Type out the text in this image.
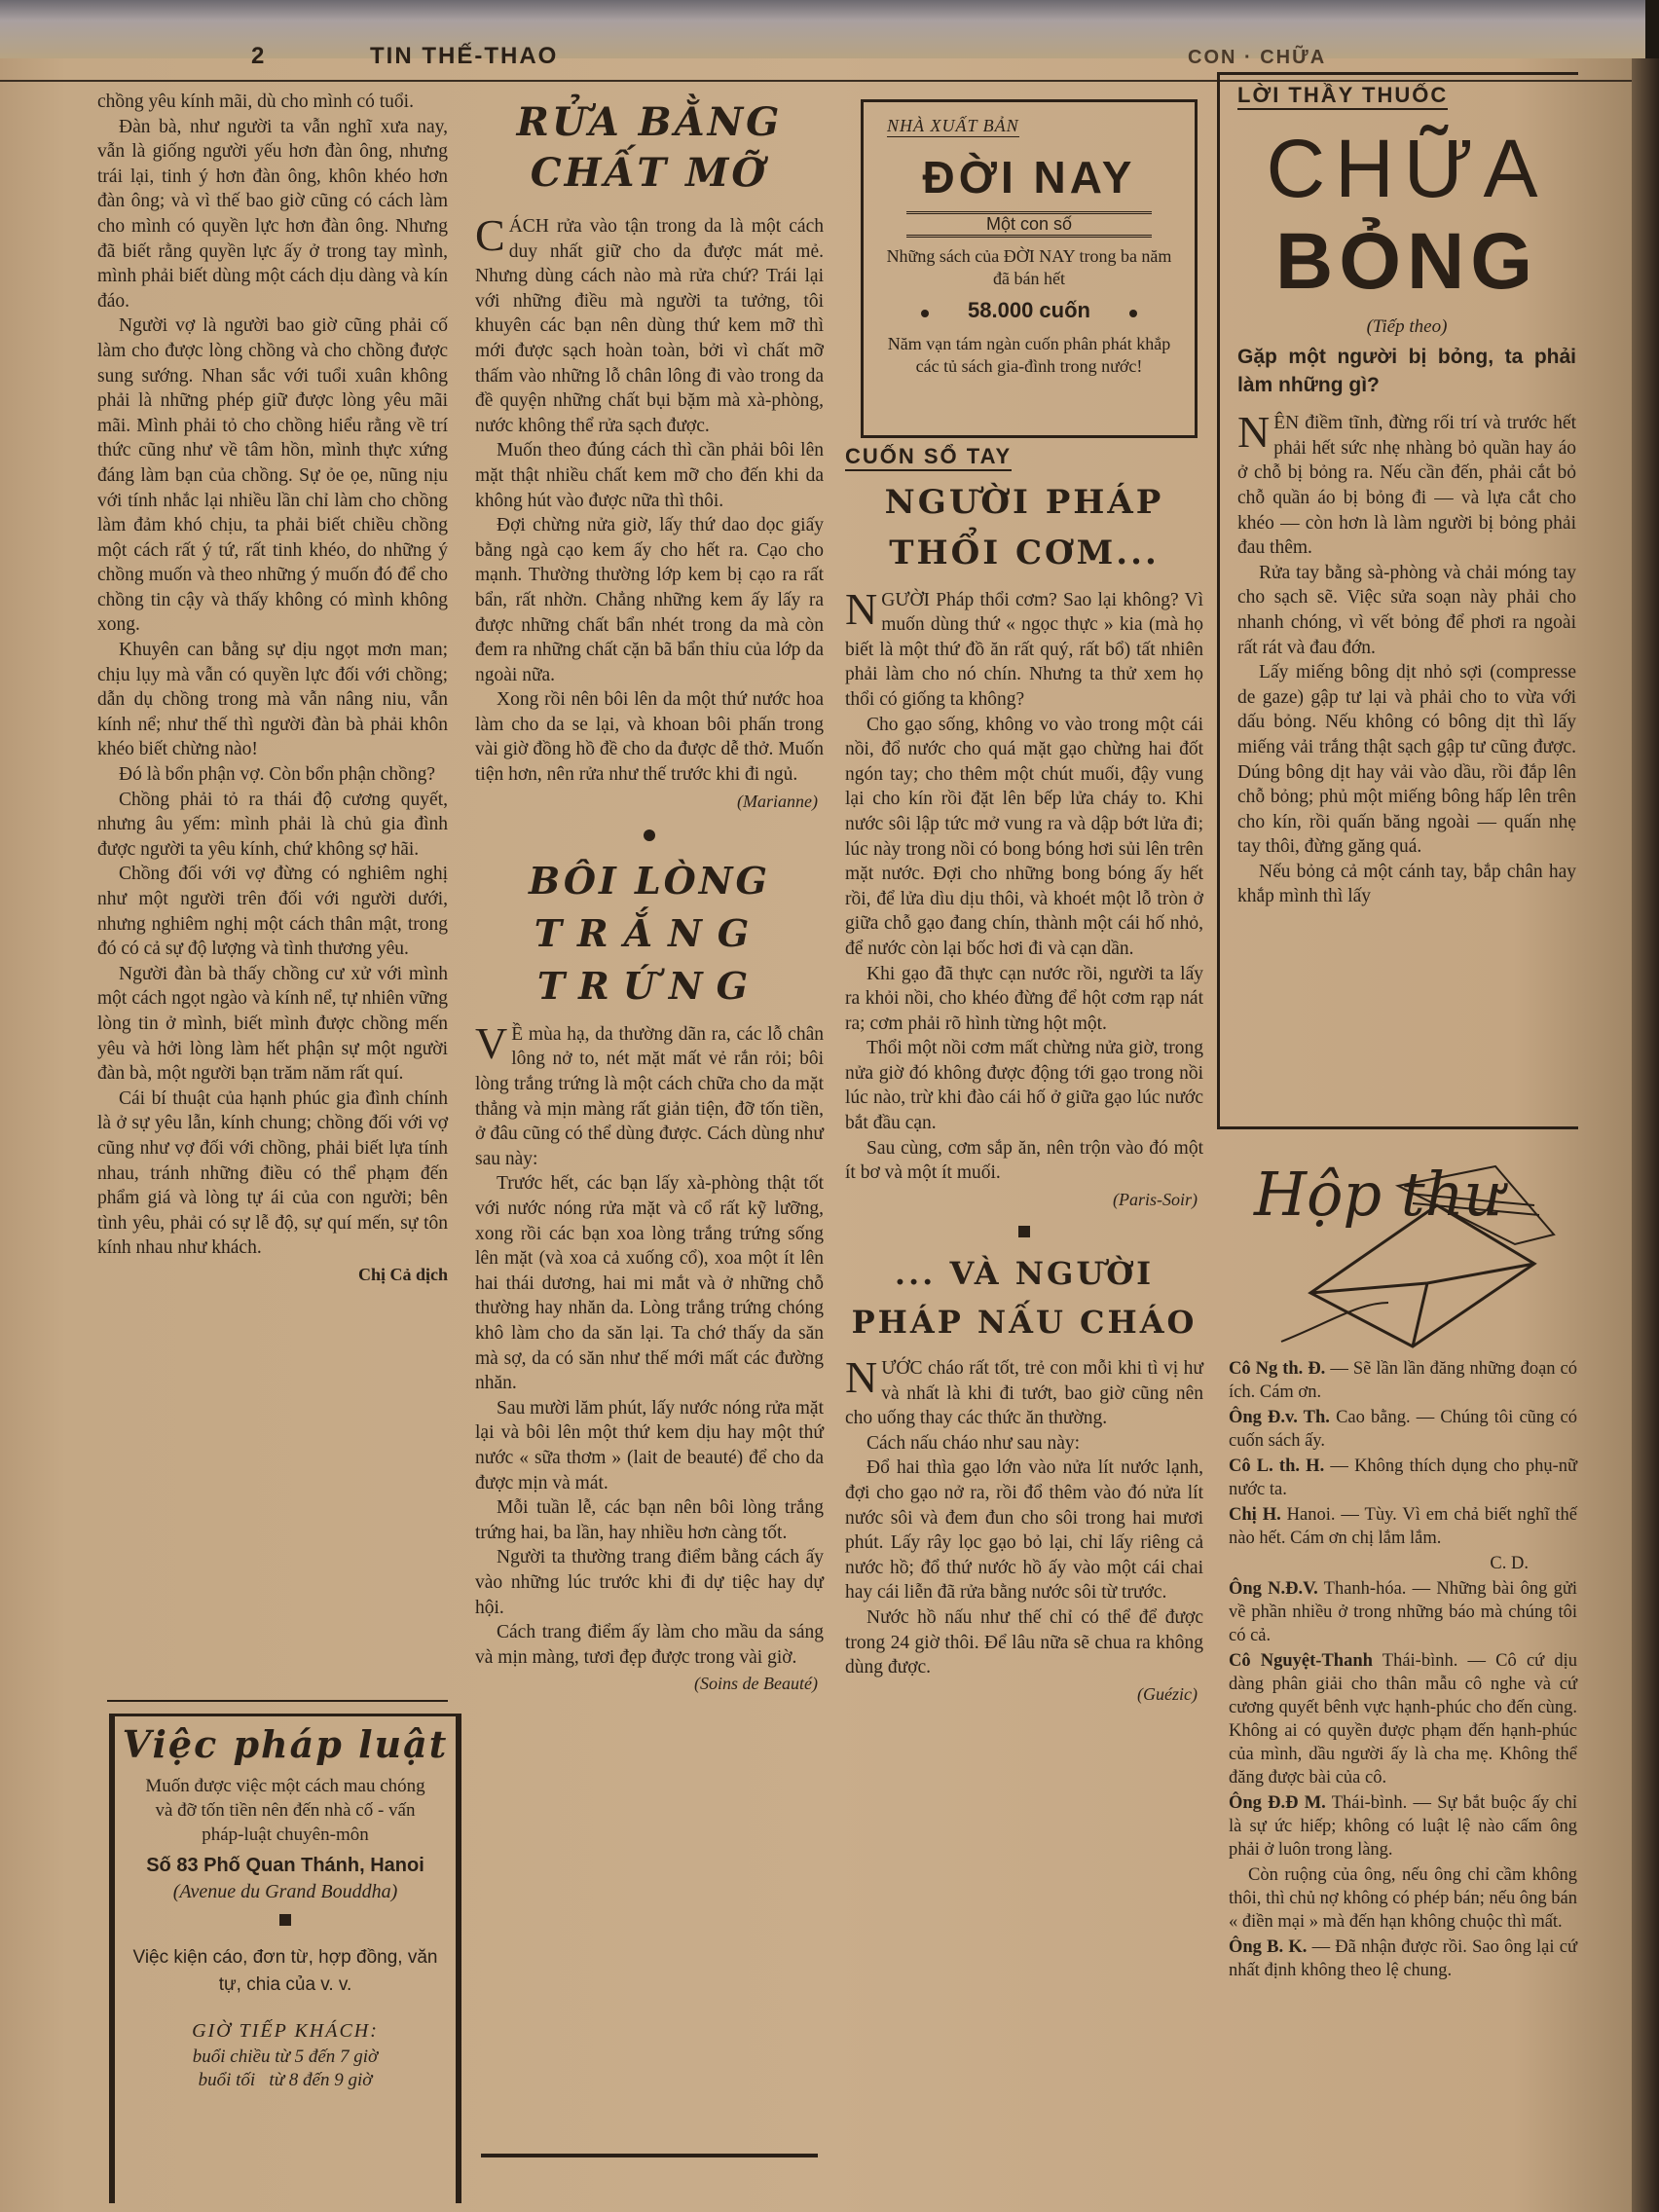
2	TIN THẾ-THAO	CON · CHỮA

chồng yêu kính mãi, dù cho mình có tuổi.

Đàn bà, như người ta vẫn nghĩ xưa nay, vẫn là giống người yếu hơn đàn ông, nhưng trái lại, tinh ý hơn đàn ông, khôn khéo hơn đàn ông; và vì thế bao giờ cũng có cách làm cho mình có quyền lực hơn đàn ông. Nhưng đã biết rằng quyền lực ấy ở trong tay mình, mình phải biết dùng một cách dịu dàng và kín đáo.

Người vợ là người bao giờ cũng phải cố làm cho được lòng chồng và cho chồng được sung sướng. Nhan sắc với tuổi xuân không phải là những phép giữ được lòng yêu mãi mãi. Mình phải tỏ cho chồng hiểu rằng về trí thức cũng như về tâm hồn, mình thực xứng đáng làm bạn của chồng. Sự ỏe ọe, nũng nịu với tính nhắc lại nhiều lần chỉ làm cho chồng làm đảm khó chịu, ta phải biết chiều chồng một cách rất ý tứ, rất tinh khéo, do những ý chồng muốn và theo những ý muốn đó để cho chồng tin cậy và thấy không có mình không xong.

Khuyên can bằng sự dịu ngọt mơn man; chịu lụy mà vẫn có quyền lực đối với chồng; dẫn dụ chồng trong mà vẫn nâng niu, vẫn kính nể; như thế thì người đàn bà phải khôn khéo biết chừng nào!

Đó là bổn phận vợ. Còn bổn phận chồng?

Chồng phải tỏ ra thái độ cương quyết, nhưng âu yếm: mình phải là chủ gia đình được người ta yêu kính, chứ không sợ hãi.

Chồng đối với vợ đừng có nghiêm nghị như một người trên đối với người dưới, nhưng nghiêm nghị một cách thân mật, trong đó có cả sự độ lượng và tình thương yêu.

Người đàn bà thấy chồng cư xử với mình một cách ngọt ngào và kính nể, tự nhiên vững lòng tin ở mình, biết mình được chồng mến yêu và hởi lòng làm hết phận sự một người đàn bà, một người bạn trăm năm rất quí.

Cái bí thuật của hạnh phúc gia đình chính là ở sự yêu lẫn, kính chung; chồng đối với vợ cũng như vợ đối với chồng, phải biết lựa tính nhau, tránh những điều có thể phạm đến phẩm giá và lòng tự ái của con người; bên tình yêu, phải có sự lễ độ, sự quí mến, sự tôn kính nhau như khách.

Chị Cả dịch
Việc pháp luật
Muốn được việc một cách mau chóng và đỡ tốn tiền nên đến nhà cố - vấn pháp-luật chuyên-môn
Số 83 Phố Quan Thánh, Hanoi
(Avenue du Grand Bouddha)
Việc kiện cáo, đơn từ, hợp đồng, văn tự, chia của v. v.
GIỜ TIẾP KHÁCH:
buổi chiều từ 5 đến 7 giờ
buổi tối   từ 8 đến 9 giờ
RỬA BẰNG
CHẤT MỠ

CÁCH rửa vào tận trong da là một cách duy nhất giữ cho da được mát mẻ. Nhưng dùng cách nào mà rửa chứ? Trái lại với những điều mà người ta tưởng, tôi khuyên các bạn nên dùng thứ kem mỡ thì mới được sạch hoàn toàn, bởi vì chất mỡ thấm vào những lỗ chân lông đi vào trong da đề quyện những chất bụi bặm mà xà-phòng, nước không thể rửa sạch được.

Muốn theo đúng cách thì cần phải bôi lên mặt thật nhiều chất kem mỡ cho đến khi da không hút vào được nữa thì thôi.

Đợi chừng nửa giờ, lấy thứ dao dọc giấy bằng ngà cạo kem ấy cho hết ra. Cạo cho mạnh. Thường thường lớp kem bị cạo ra rất bẩn, rất nhờn. Chẳng những kem ấy lấy ra được những chất bẩn nhét trong da mà còn đem ra những chất cặn bã bẩn thỉu của lớp da ngoài nữa.

Xong rồi nên bôi lên da một thứ nước hoa làm cho da se lại, và khoan bôi phấn trong vài giờ đồng hồ đề cho da được dễ thở. Muốn tiện hơn, nên rửa như thế trước khi đi ngủ.

(Marianne)
BÔI LÒNG
TRẮNG
TRỨNG

VỀ mùa hạ, da thường dãn ra, các lỗ chân lông nở to, nét mặt mất vẻ rắn rỏi; bôi lòng trắng trứng là một cách chữa cho da mặt thẳng và mịn màng rất giản tiện, đỡ tốn tiền, ở đâu cũng có thể dùng được. Cách dùng như sau này:

Trước hết, các bạn lấy xà-phòng thật tốt với nước nóng rửa mặt và cổ rất kỹ lưỡng, xong rồi các bạn xoa lòng trắng trứng sống lên mặt (và xoa cả xuống cổ), xoa một ít lên hai thái dương, hai mi mắt và ở những chỗ thường hay nhăn da. Lòng trắng trứng chóng khô làm cho da săn lại. Ta chớ thấy da săn mà sợ, da có săn như thế mới mất các đường nhăn.

Sau mười lăm phút, lấy nước nóng rửa mặt lại và bôi lên một thứ kem dịu hay một thứ nước « sữa thơm » (lait de beauté) để cho da được mịn và mát.

Mỗi tuần lễ, các bạn nên bôi lòng trắng trứng hai, ba lần, hay nhiều hơn càng tốt.

Người ta thường trang điểm bằng cách ấy vào những lúc trước khi đi dự tiệc hay dự hội.

Cách trang điểm ấy làm cho mầu da sáng và mịn màng, tươi đẹp được trong vài giờ.

(Soins de Beauté)
NHÀ XUẤT BẢN
ĐỜI NAY
Một con số
Những sách của ĐỜI NAY trong ba năm đã bán hết
58.000 cuốn
Năm vạn tám ngàn cuốn phân phát khắp các tủ sách gia-đình trong nước!
CUỐN SỔ TAY
NGƯỜI PHÁP
THỔI CƠM...

NGƯỜI Pháp thổi cơm? Sao lại không? Vì muốn dùng thứ « ngọc thực » kia (mà họ biết là một thứ đồ ăn rất quý, rất bổ) tất nhiên phải làm cho nó chín. Nhưng ta thử xem họ thổi có giống ta không?

Cho gạo sống, không vo vào trong một cái nồi, đổ nước cho quá mặt gạo chừng hai đốt ngón tay; cho thêm một chút muối, đậy vung lại cho kín rồi đặt lên bếp lửa cháy to. Khi nước sôi lập tức mở vung ra và dập bớt lửa đi; lúc này trong nồi có bong bóng hơi sủi lên trên mặt nước. Đợi cho những bong bóng ấy hết rồi, để lửa dìu dịu thôi, và khoét một lỗ tròn ở giữa chỗ gạo đang chín, thành một cái hố nhỏ, để nước còn lại bốc hơi đi và cạn dần.

Khi gạo đã thực cạn nước rồi, người ta lấy ra khỏi nồi, cho khéo đừng để hột cơm rạp nát ra; cơm phải rõ hình từng hột một.

Thổi một nồi cơm mất chừng nửa giờ, trong nửa giờ đó không được động tới gạo trong nồi lúc nào, trừ khi đào cái hố ở giữa gạo lúc nước bắt đầu cạn.

Sau cùng, cơm sắp ăn, nên trộn vào đó một ít bơ và một ít muối.

(Paris-Soir)
... VÀ NGƯỜI
PHÁP NẤU CHÁO

NƯỚC cháo rất tốt, trẻ con mỗi khi tì vị hư và nhất là khi đi tướt, bao giờ cũng nên cho uống thay các thức ăn thường.

Cách nấu cháo như sau này:

Đổ hai thìa gạo lớn vào nửa lít nước lạnh, đợi cho gạo nở ra, rồi đổ thêm vào đó nửa lít nước sôi và đem đun cho sôi trong hai mươi phút. Lấy rây lọc gạo bỏ lại, chỉ lấy riêng cả nước hồ; đổ thứ nước hồ ấy vào một cái chai hay cái liễn đã rửa bằng nước sôi từ trước.

Nước hồ nấu như thế chỉ có thể để được trong 24 giờ thôi. Để lâu nữa sẽ chua ra không dùng được.

(Guézic)
LỜI THẦY THUỐC
CHỮA
BỎNG
(Tiếp theo)
Gặp một người bị bỏng, ta phải làm những gì?

NÊN điềm tĩnh, đừng rối trí và trước hết phải hết sức nhẹ nhàng bỏ quần hay áo ở chỗ bị bỏng ra. Nếu cần đến, phải cắt bỏ chỗ quần áo bị bỏng đi — và lựa cắt cho khéo — còn hơn là làm người bị bỏng phải đau thêm.

Rửa tay bằng sà-phòng và chải móng tay cho sạch sẽ. Việc sửa soạn này phải cho nhanh chóng, vì vết bỏng để phơi ra ngoài rất rát và đau đớn.

Lấy miếng bông dịt nhỏ sợi (compresse de gaze) gập tư lại và phải cho to vừa với dấu bỏng. Nếu không có bông dịt thì lấy miếng vải trắng thật sạch gập tư cũng được. Dúng bông dịt hay vải vào dầu, rồi đắp lên chỗ bỏng; phủ một miếng bông hấp lên trên cho kín, rồi quấn băng ngoài — quấn nhẹ tay thôi, đừng găng quá.

Nếu bỏng cả một cánh tay, bắp chân hay khắp mình thì lấy

Hộp thư

Cô Ng th. Đ. — Sẽ lần lần đăng những đoạn có ích. Cám ơn.

Ông Đ.v. Th. Cao bằng. — Chúng tôi cũng có cuốn sách ấy.

Cô L. th. H. — Không thích dụng cho phụ-nữ nước ta.

Chị H. Hanoi. — Tùy. Vì em chả biết nghĩ thế nào hết. Cám ơn chị lắm lắm.

C. D.

Ông N.Đ.V. Thanh-hóa. — Những bài ông gửi về phần nhiều ở trong những báo mà chúng tôi có cả.

Cô Nguyệt-Thanh Thái-bình. — Cô cứ dịu dàng phân giải cho thân mẫu cô nghe và cứ cương quyết bênh vực hạnh-phúc cho đến cùng. Không ai có quyền được phạm đến hạnh-phúc của mình, dầu người ấy là cha mẹ. Không thể đăng được bài của cô.

Ông Đ.Đ M. Thái-bình. — Sự bắt buộc ấy chỉ là sự ức hiếp; không có luật lệ nào cấm ông phải ở luôn trong làng.

Còn ruộng của ông, nếu ông chỉ cầm không thôi, thì chủ nợ không có phép bán; nếu ông bán « điền mại » mà đến hạn không chuộc thì mất.

Ông B. K. — Đã nhận được rồi. Sao ông lại cứ nhất định không theo lệ chung.
